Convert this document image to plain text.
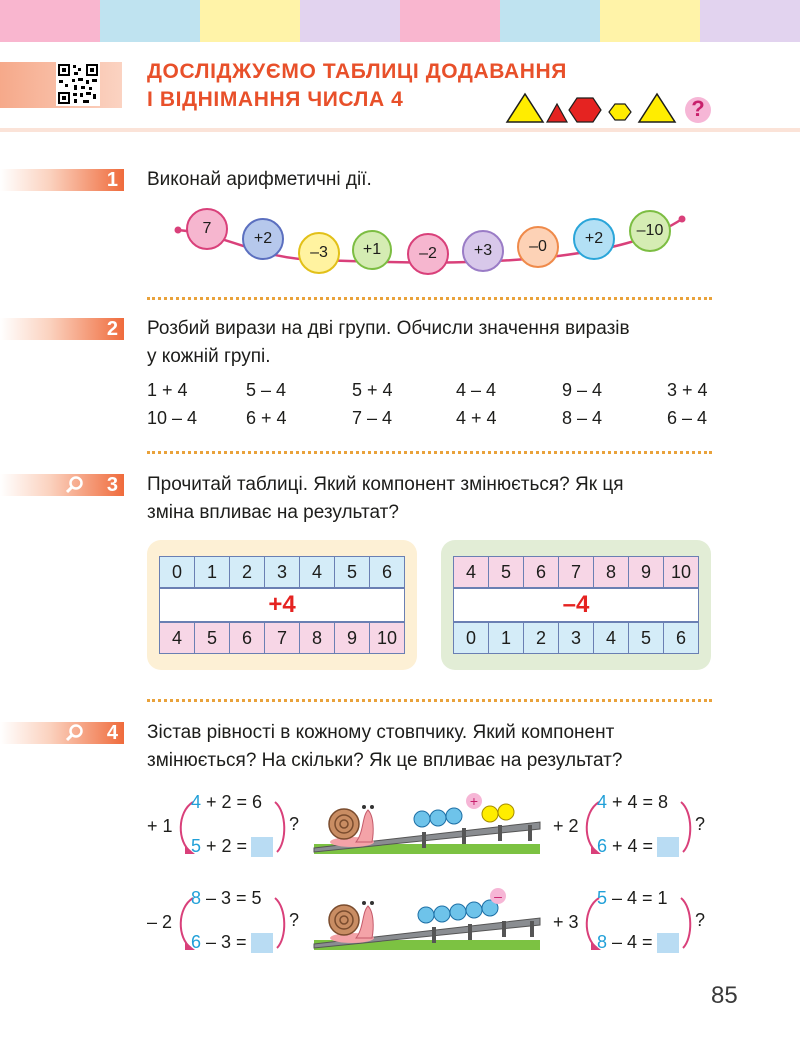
ДОСЛІДЖУЄМО ТАБЛИЦІ ДОДАВАННЯ
І ВІДНІМАННЯ ЧИСЛА 4	?
1 Виконай арифметичні дії.
7
+2
–3	+1	–2	+3	–0	+2	–10
2 Розбий вирази на дві групи. Обчисли значення виразів
у кожній групі.
1 + 4	5 – 4	5 + 4	4 – 4	9 – 4	3 + 4
10 – 4	6 + 4	7 – 4	4 + 4	8 – 4	6 – 4
3 Прочитай таблиці. Який компонент змінюється? Як ця
зміна впливає на результат?
0	1	2	3	4	5	6
+4
4	5	6	7	8	9	10
4	5	6	7	8	9	10
–4
0	1	2	3	4	5	6
4 Зістав рівності в кожному стовпчику. Який компонент
змінюється? На скільки? Як це впливає на результат?
+ 1
4 + 2 = 6
5 + 2 =
?	+ 2
4 + 4 = 8
6 + 4 =
?
– 2
8 – 3 = 5
6 – 3 =
?	+ 3
5 – 4 = 1
8 – 4 =
?
+
–
85
